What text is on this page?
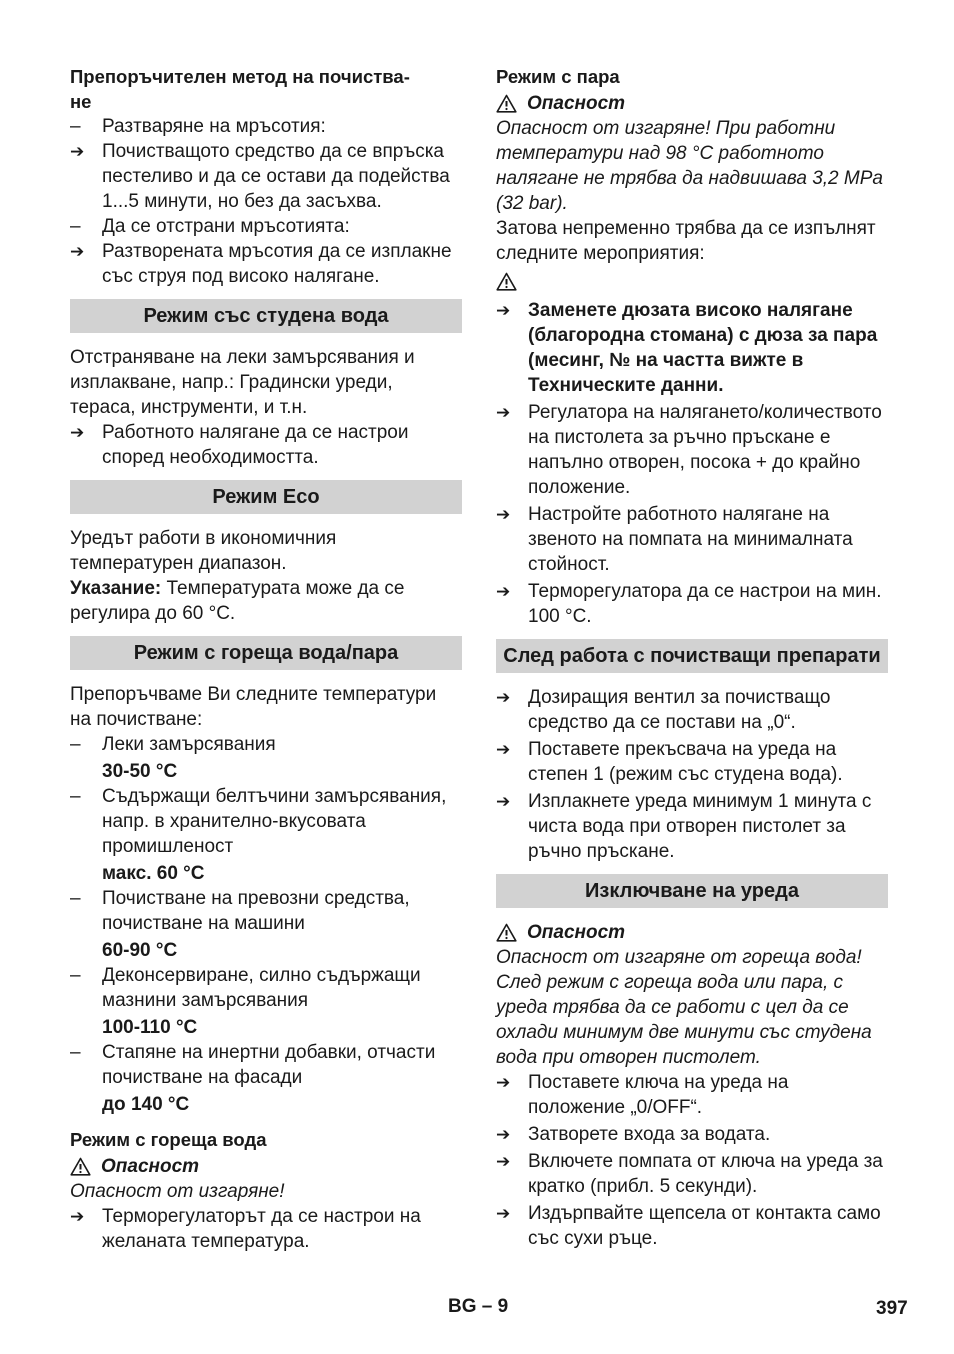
Препоръчителен метод на почиства-
не
–	Разтваряне на мръсотия:
➔ Почистващото средство да се впръска пестеливо и да се остави да подейства 1...5 минути, но без да засъхва.
–	Да се отстрани мръсотията:
➔ Разтворената мръсотия да се изплакне със струя под високо налягане.
Режим със студена вода

Отстраняване на леки замърсявания и изплакване, напр.: Градински уреди, тераса, инструменти, и т.н.

➔ Работното налягане да се настрои според необходимостта.
Режим Eco

Уредът работи в икономичния температурен диапазон.

Указание: Температурата може да се регулира до 60 °C.

Режим с гореща вода/пара

Препоръчваме Ви следните температури на почистване:

–	Леки замърсявания
30-50 °C
–	Съдържащи белтъчини замърсявания, напр. в хранително-вкусовата промишленост
макс. 60 °C
–	Почистване на превозни средства, почистване на машини
60-90 °C
–	Деконсервиране, силно съдържащи мазнини замърсявания
100-110 °C
–	Стапяне на инертни добавки, отчасти почистване на фасади
до 140 °C
Режим с гореща вода
Опасност

Опасност от изгаряне!

➔ Терморегулаторът да се настрои на желаната температура.
Режим с пара
Опасност

Опасност от изгаряне! При работни температури над 98 °C работното налягане не трябва да надвишава 3,2 MPa (32 bar).

Затова непременно трябва да се изпълнят следните мероприятия:

➔ Заменете дюзата високо налягане (благородна стомана) с дюза за пара (месинг, № на частта вижте в Техническите данни.
➔ Регулатора на налягането/количеството на пистолета за ръчно пръскане е напълно отворен, посока + до крайно положение.
➔ Настройте работното налягане на звеното на помпата на минималната стойност.
➔ Терморегулатора да се настрои на мин. 100 °C.
След работа с почистващи препарати
➔ Дозиращия вентил за почистващо средство да се постави на „0“.
➔ Поставете прекъсвача на уреда на степен 1 (режим със студена вода).
➔ Изплакнете уреда минимум 1 минута с чиста вода при отворен пистолет за ръчно пръскане.
Изключване на уреда
Опасност

Опасност от изгаряне от гореща вода! След режим с гореща вода или пара, с уреда трябва да се работи с цел да се охлади минимум две минути със студена вода при отворен пистолет.

➔ Поставете ключа на уреда на положение „0/OFF“.
➔ Затворете входа за водата.
➔ Включете помпата от ключа на уреда за кратко (прибл. 5 секунди).
➔ Издърпвайте щепсела от контакта само със сухи ръце.
BG – 9	397
